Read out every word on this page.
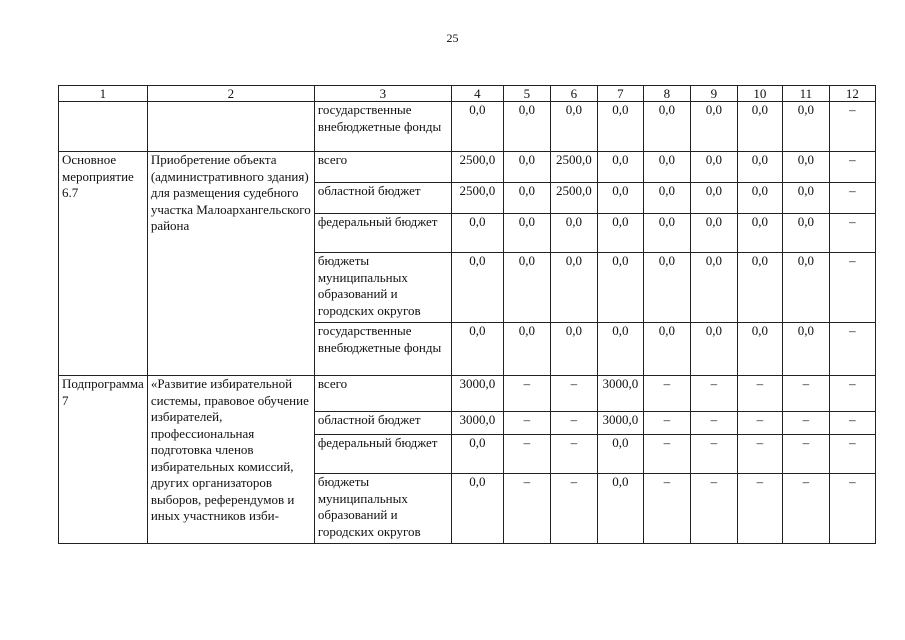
25
1	2	3	4	5	6	7	8	9	10	11	12
		государственные внебюджетные фонды	0,0	0,0	0,0	0,0	0,0	0,0	0,0	0,0	–
Основное мероприятие 6.7	Приобретение объекта (административного здания) для размещения судебного участка Малоархангельского района	всего	2500,0	0,0	2500,0	0,0	0,0	0,0	0,0	0,0	–
		областной бюджет	2500,0	0,0	2500,0	0,0	0,0	0,0	0,0	0,0	–
		федеральный бюджет	0,0	0,0	0,0	0,0	0,0	0,0	0,0	0,0	–
		бюджеты муниципальных образований и городских округов	0,0	0,0	0,0	0,0	0,0	0,0	0,0	0,0	–
		государственные внебюджетные фонды	0,0	0,0	0,0	0,0	0,0	0,0	0,0	0,0	–
Подпрограмма 7	«Развитие избирательной системы, правовое обучение избирателей, профессиональная подготовка членов избирательных комиссий, других организаторов выборов, референдумов и иных участников изби-	всего	3000,0	–	–	3000,0	–	–	–	–	–
		областной бюджет	3000,0	–	–	3000,0	–	–	–	–	–
		федеральный бюджет	0,0	–	–	0,0	–	–	–	–	–
		бюджеты муниципальных образований и городских округов	0,0	–	–	0,0	–	–	–	–	–
